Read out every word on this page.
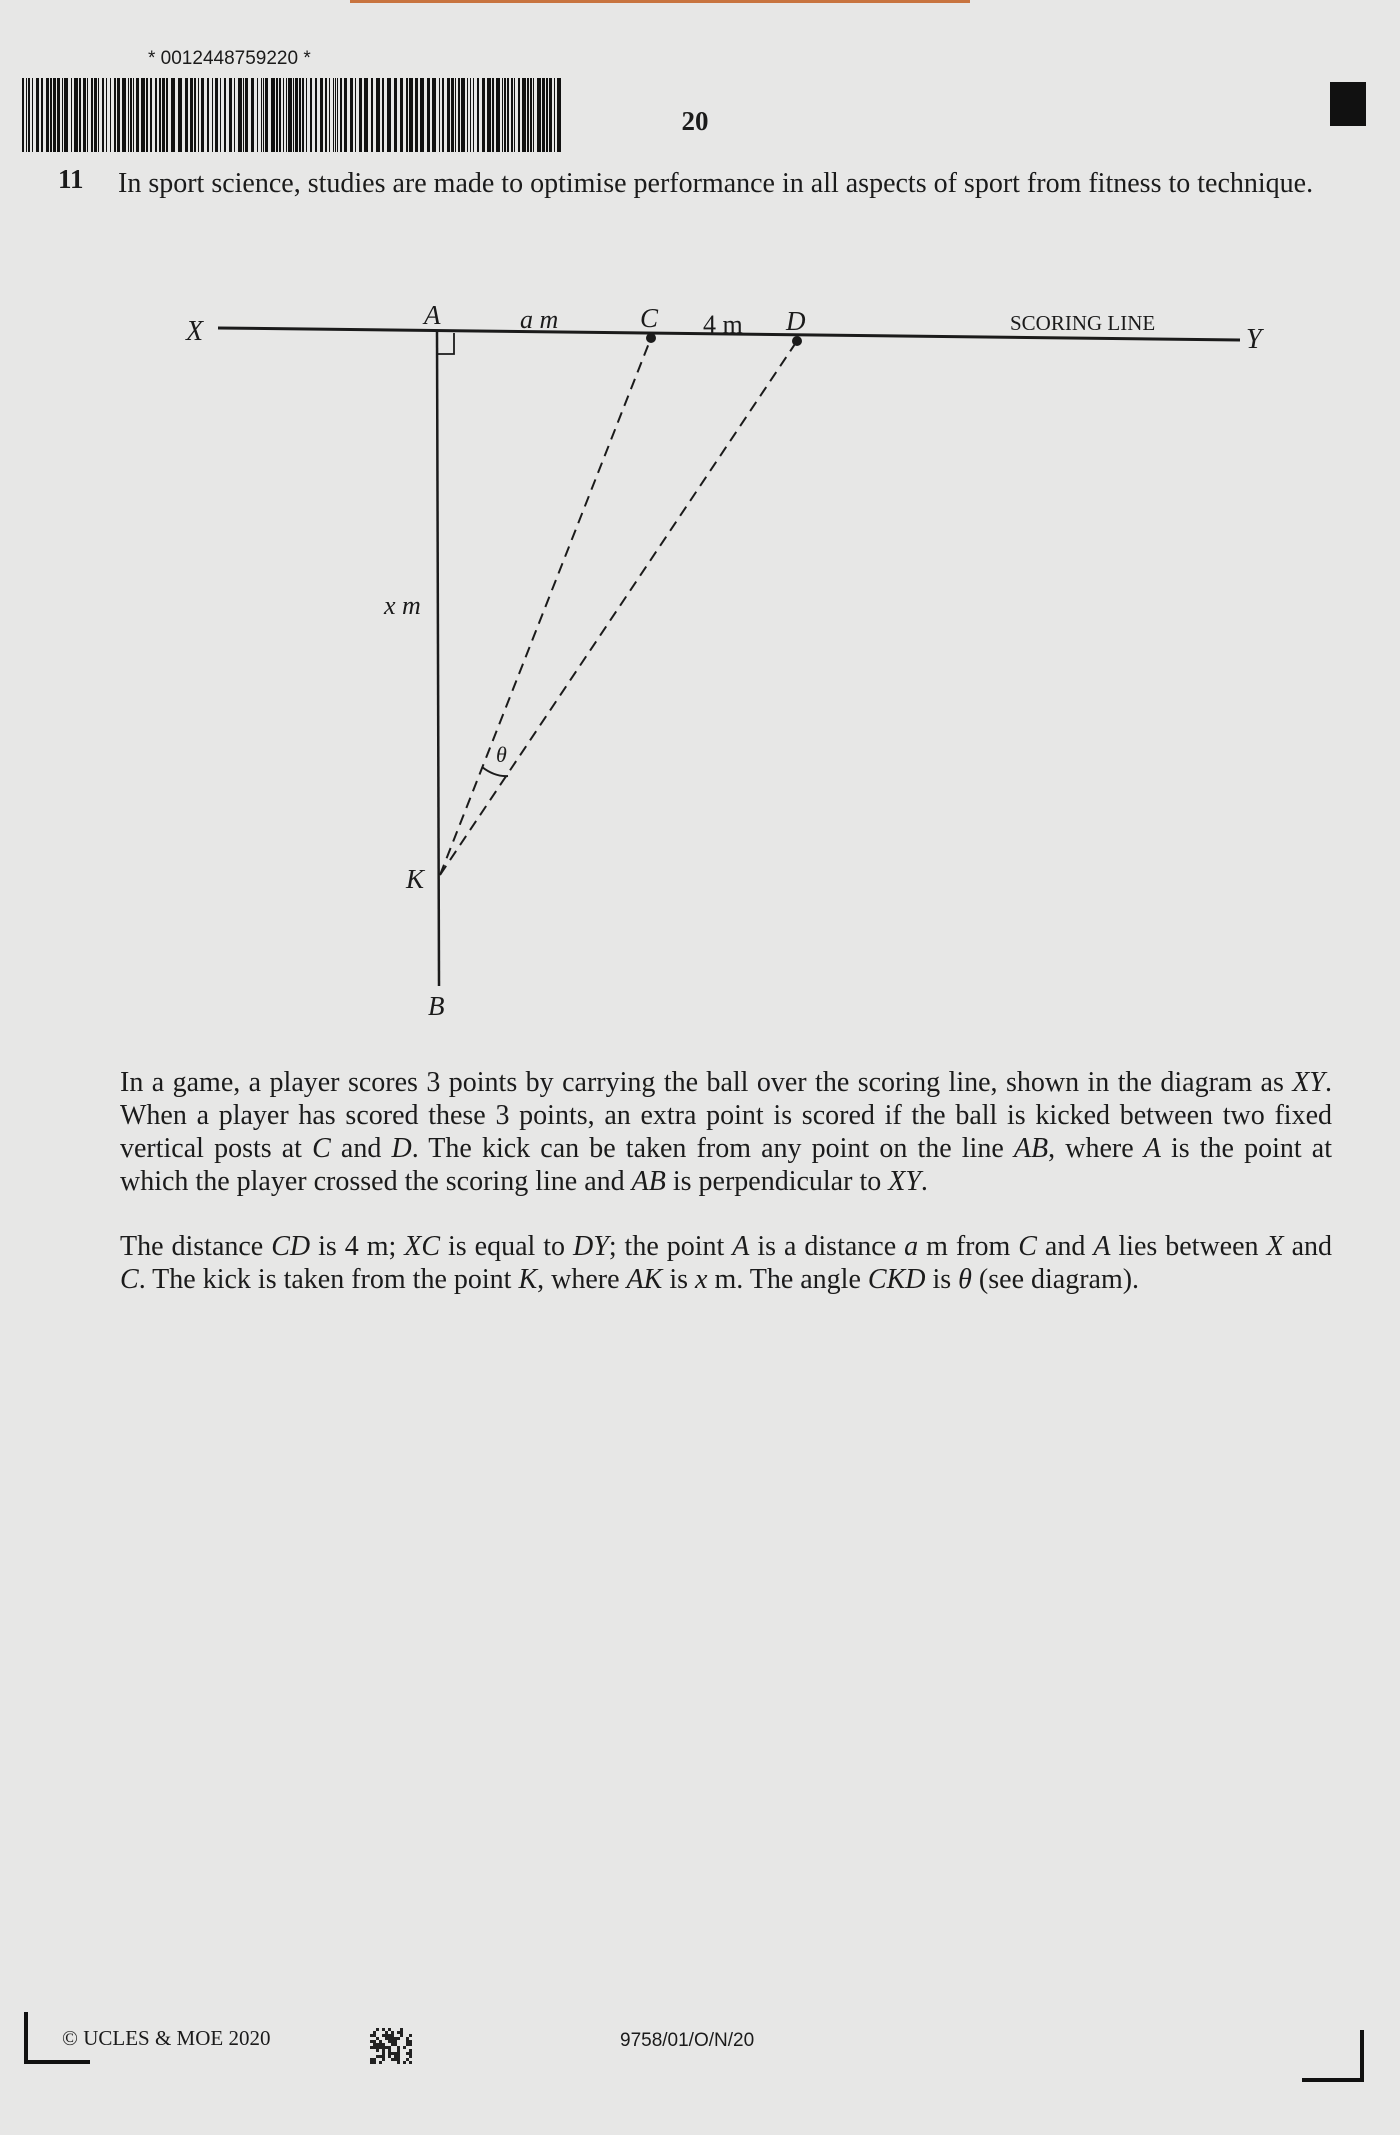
* 0012448759220 *
20
11 In sport science, studies are made to optimise performance in all aspects of sport from fitness to technique.
X	Y
A	a m	C 4 m D	SCORING LINE
x m
θ
K
B
In a game, a player scores 3 points by carrying the ball over the scoring line, shown in the diagram as XY. When a player has scored these 3 points, an extra point is scored if the ball is kicked between two fixed vertical posts at C and D. The kick can be taken from any point on the line AB, where A is the point at which the player crossed the scoring line and AB is perpendicular to XY.
The distance CD is 4 m; XC is equal to DY; the point A is a distance a m from C and A lies between X and C. The kick is taken from the point K, where AK is x m. The angle CKD is θ (see diagram).
© UCLES & MOE 2020	9758/01/O/N/20
